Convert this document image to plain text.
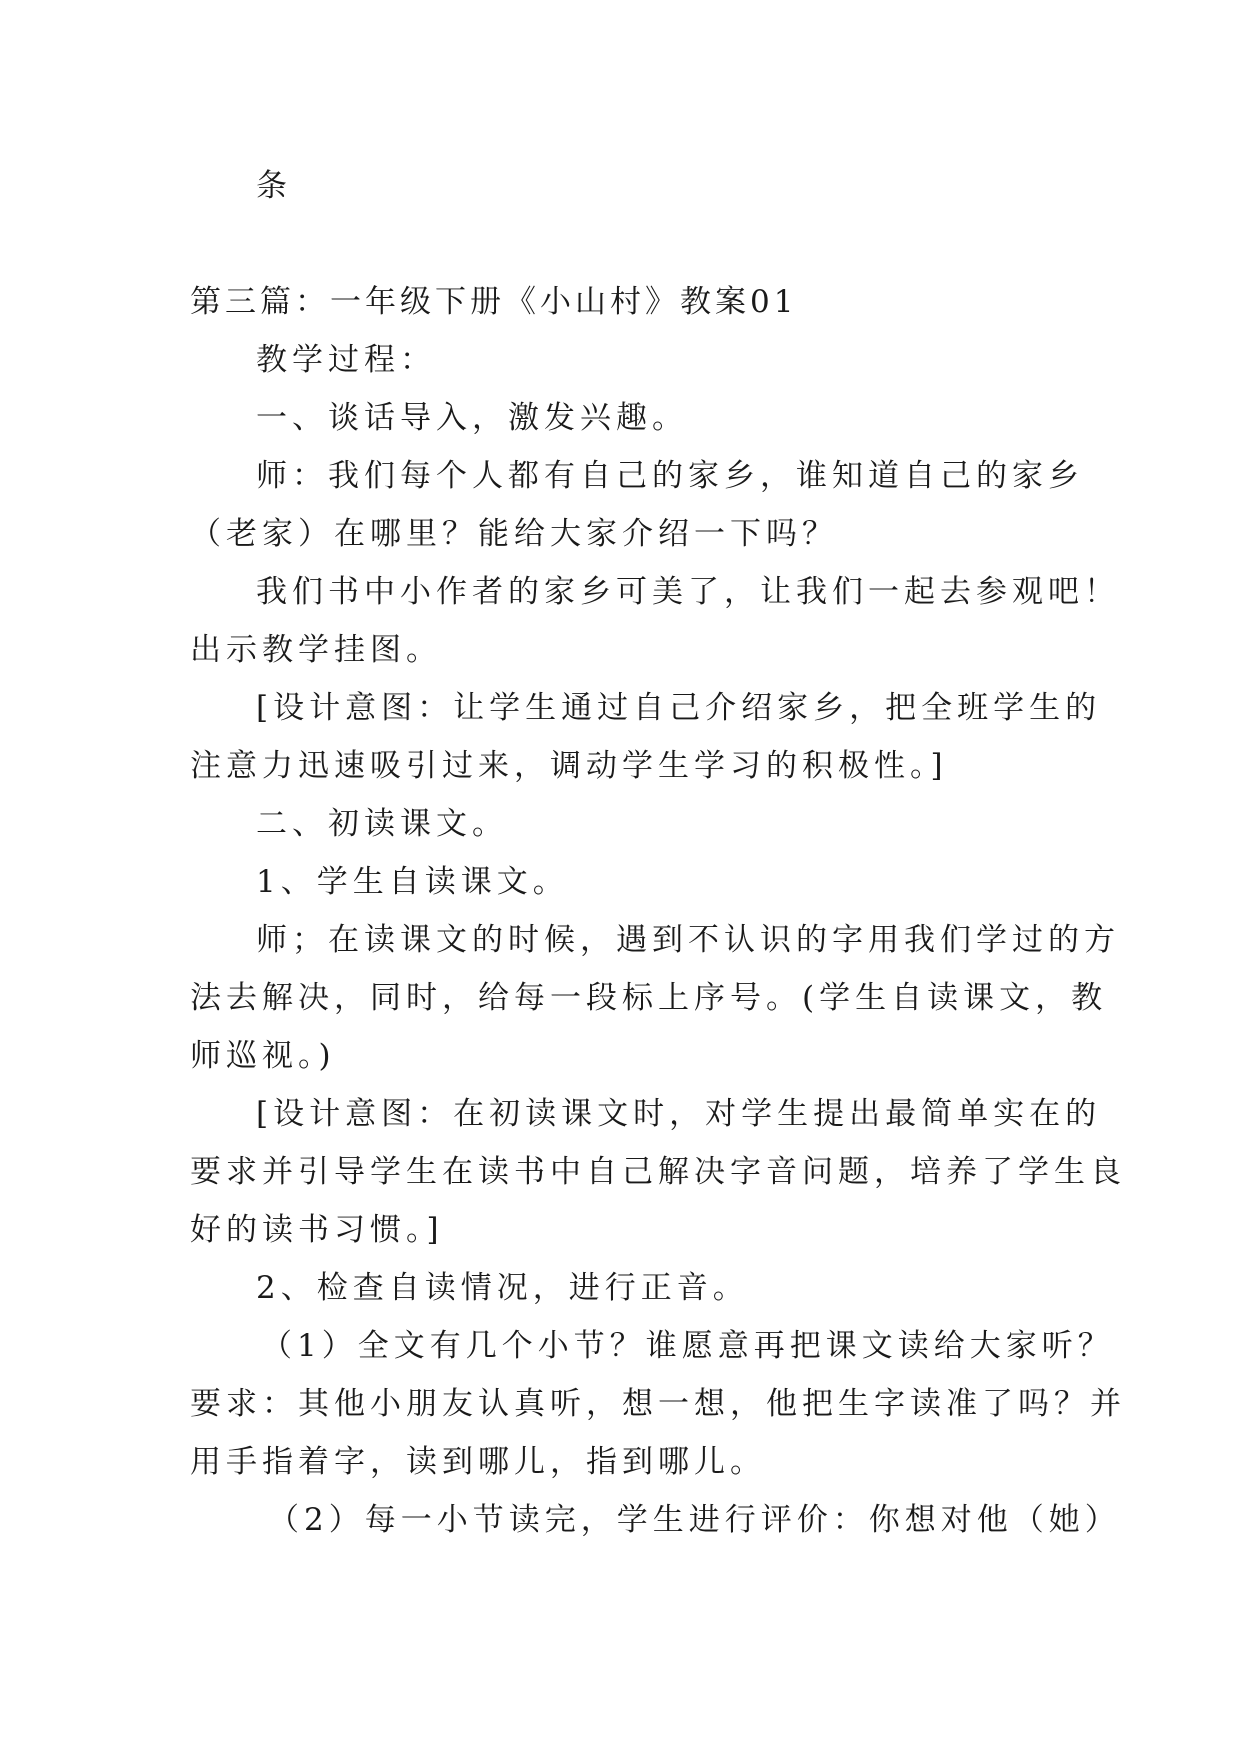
条
第三篇：一年级下册《小山村》教案01
教学过程：
一、谈话导入，激发兴趣。
师：我们每个人都有自己的家乡，谁知道自己的家乡
（老家）在哪里？能给大家介绍一下吗？
我们书中小作者的家乡可美了，让我们一起去参观吧！
出示教学挂图。
[设计意图：让学生通过自己介绍家乡，把全班学生的
注意力迅速吸引过来，调动学生学习的积极性。]
二、初读课文。
1、学生自读课文。
师；在读课文的时候，遇到不认识的字用我们学过的方
法去解决，同时，给每一段标上序号。(学生自读课文，教
师巡视。)
[设计意图：在初读课文时，对学生提出最简单实在的
要求并引导学生在读书中自己解决字音问题，培养了学生良
好的读书习惯。]
2、检查自读情况，进行正音。
（1）全文有几个小节？谁愿意再把课文读给大家听？
要求：其他小朋友认真听，想一想，他把生字读准了吗？并
用手指着字，读到哪儿，指到哪儿。
（2）每一小节读完，学生进行评价：你想对他（她）
